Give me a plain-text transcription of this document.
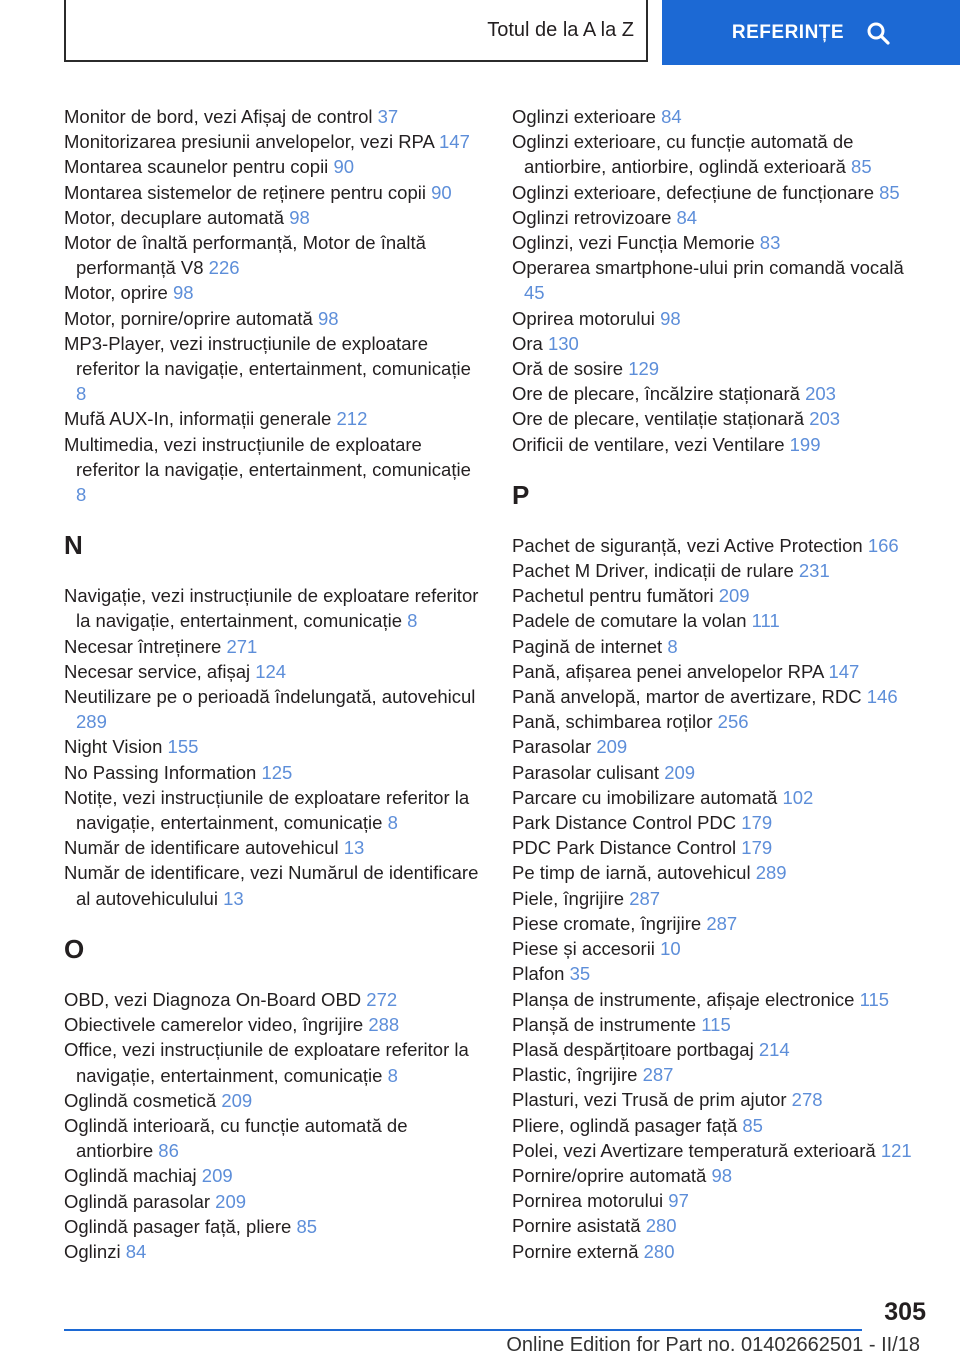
Totul de la A la Z	REFERINȚE
Monitor de bord, vezi Afișaj de control 37
Monitorizarea presiunii anvelopelor, vezi RPA 147
Montarea scaunelor pentru copii 90
Montarea sistemelor de reținere pentru copii 90
Motor, decuplare automată 98
Motor de înaltă performanță, Motor de înaltă performanță V8 226
Motor, oprire 98
Motor, pornire/oprire automată 98
MP3-Player, vezi instrucțiunile de exploatare referitor la navigație, entertainment, comunicație 8
Mufă AUX-In, informații generale 212
Multimedia, vezi instrucțiunile de exploatare referitor la navigație, entertainment, comunicație 8
N
Navigație, vezi instrucțiunile de exploatare referitor la navigație, entertainment, comunicație 8
Necesar întreținere 271
Necesar service, afișaj 124
Neutilizare pe o perioadă îndelungată, autovehicul 289
Night Vision 155
No Passing Information 125
Notițe, vezi instrucțiunile de exploatare referitor la navigație, entertainment, comunicație 8
Număr de identificare autovehicul 13
Număr de identificare, vezi Numărul de identificare al autovehiculului 13
O
OBD, vezi Diagnoza On-Board OBD 272
Obiectivele camerelor video, îngrijire 288
Office, vezi instrucțiunile de exploatare referitor la navigație, entertainment, comunicație 8
Oglindă cosmetică 209
Oglindă interioară, cu funcție automată de antiorbire 86
Oglindă machiaj 209
Oglindă parasolar 209
Oglindă pasager față, pliere 85
Oglinzi 84
Oglinzi exterioare 84
Oglinzi exterioare, cu funcție automată de antiorbire, antiorbire, oglindă exterioară 85
Oglinzi exterioare, defecțiune de funcționare 85
Oglinzi retrovizoare 84
Oglinzi, vezi Funcția Memorie 83
Operarea smartphone-ului prin comandă vocală 45
Oprirea motorului 98
Ora 130
Oră de sosire 129
Ore de plecare, încălzire staționară 203
Ore de plecare, ventilație staționară 203
Orificii de ventilare, vezi Ventilare 199
P
Pachet de siguranță, vezi Active Protection 166
Pachet M Driver, indicații de rulare 231
Pachetul pentru fumători 209
Padele de comutare la volan 111
Pagină de internet 8
Pană, afișarea penei anvelopelor RPA 147
Pană anvelopă, martor de avertizare, RDC 146
Pană, schimbarea roților 256
Parasolar 209
Parasolar culisant 209
Parcare cu imobilizare automată 102
Park Distance Control PDC 179
PDC Park Distance Control 179
Pe timp de iarnă, autovehicul 289
Piele, îngrijire 287
Piese cromate, îngrijire 287
Piese și accesorii 10
Plafon 35
Planșa de instrumente, afișaje electronice 115
Planșă de instrumente 115
Plasă despărțitoare portbagaj 214
Plastic, îngrijire 287
Plasturi, vezi Trusă de prim ajutor 278
Pliere, oglindă pasager față 85
Polei, vezi Avertizare temperatură exterioară 121
Pornire/oprire automată 98
Pornirea motorului 97
Pornire asistată 280
Pornire externă 280
305
Online Edition for Part no. 01402662501 - II/18
